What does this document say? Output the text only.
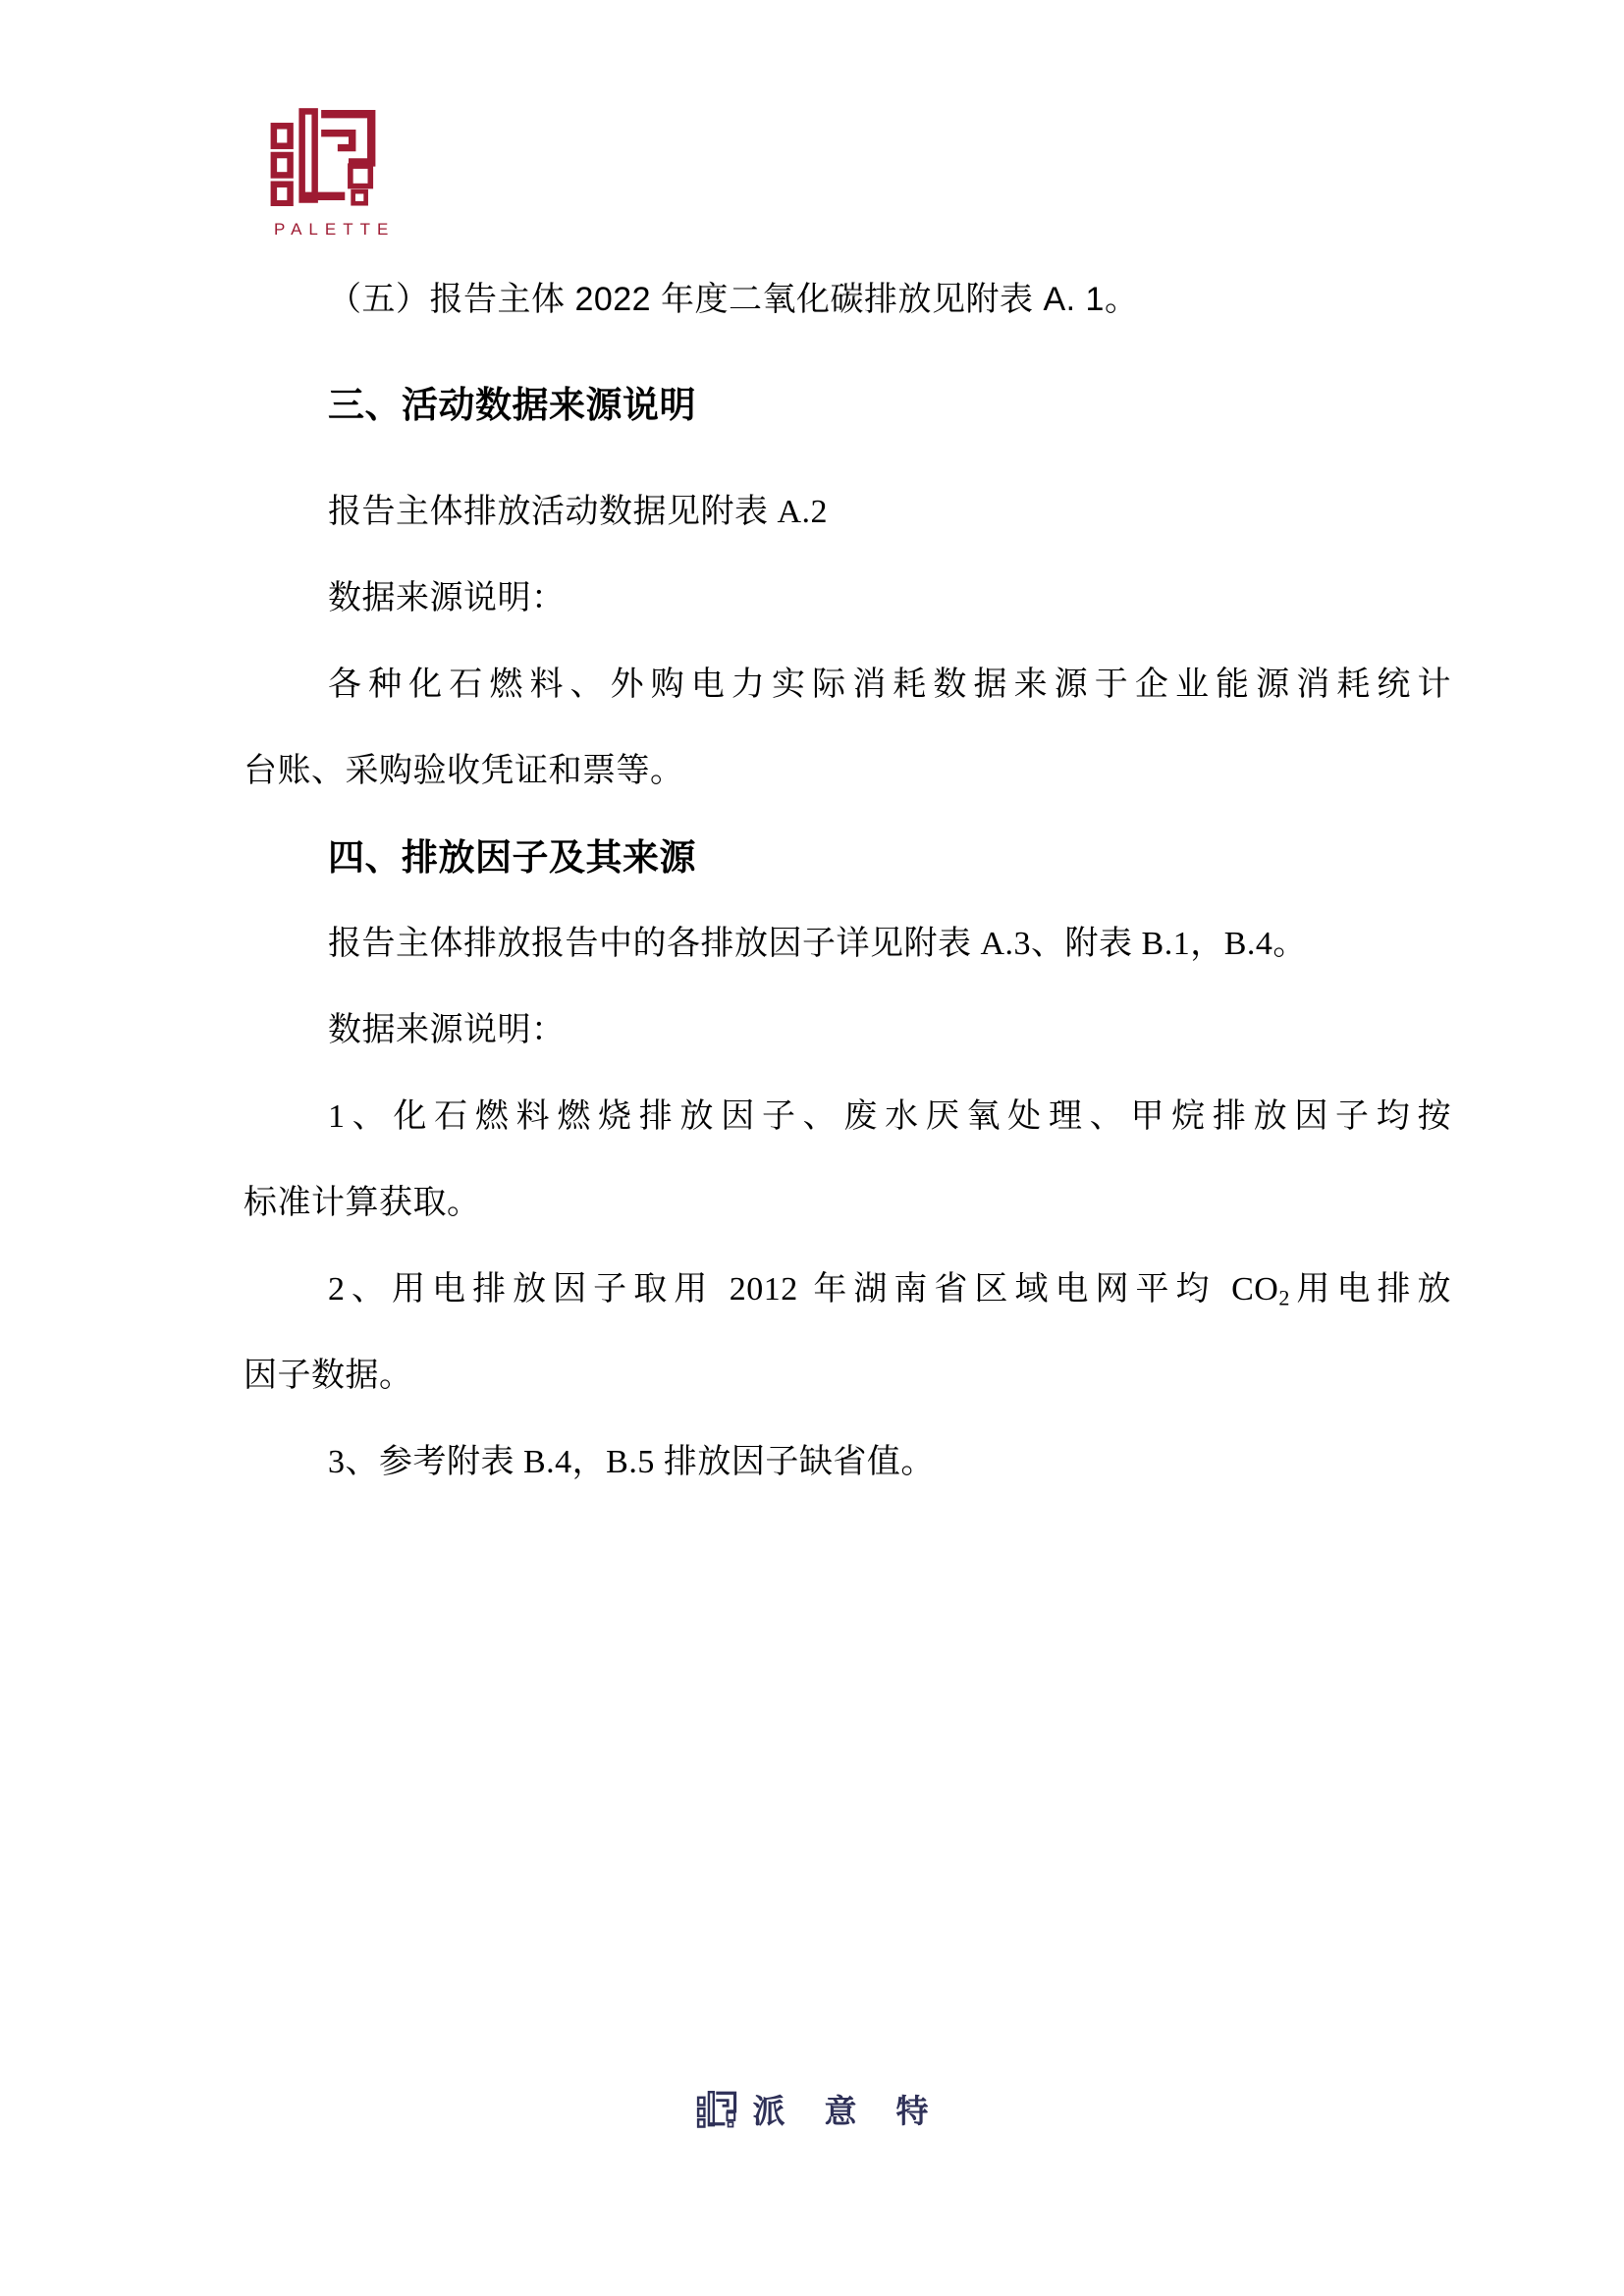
PALETTE
（五）报告主体 2022 年度二氧化碳排放见附表 A. 1。
三、活动数据来源说明
报告主体排放活动数据见附表 A.2
数据来源说明：
各种化石燃料、外购电力实际消耗数据来源于企业能源消耗统计
台账、采购验收凭证和票等。
四、排放因子及其来源
报告主体排放报告中的各排放因子详见附表 A.3、附表 B.1，B.4。
数据来源说明：
1、化石燃料燃烧排放因子、废水厌氧处理、甲烷排放因子均按
标准计算获取。
2、用电排放因子取用 2012 年湖南省区域电网平均 $CO_2$用电排放
因子数据。
3、参考附表 B.4，B.5 排放因子缺省值。
派意特
